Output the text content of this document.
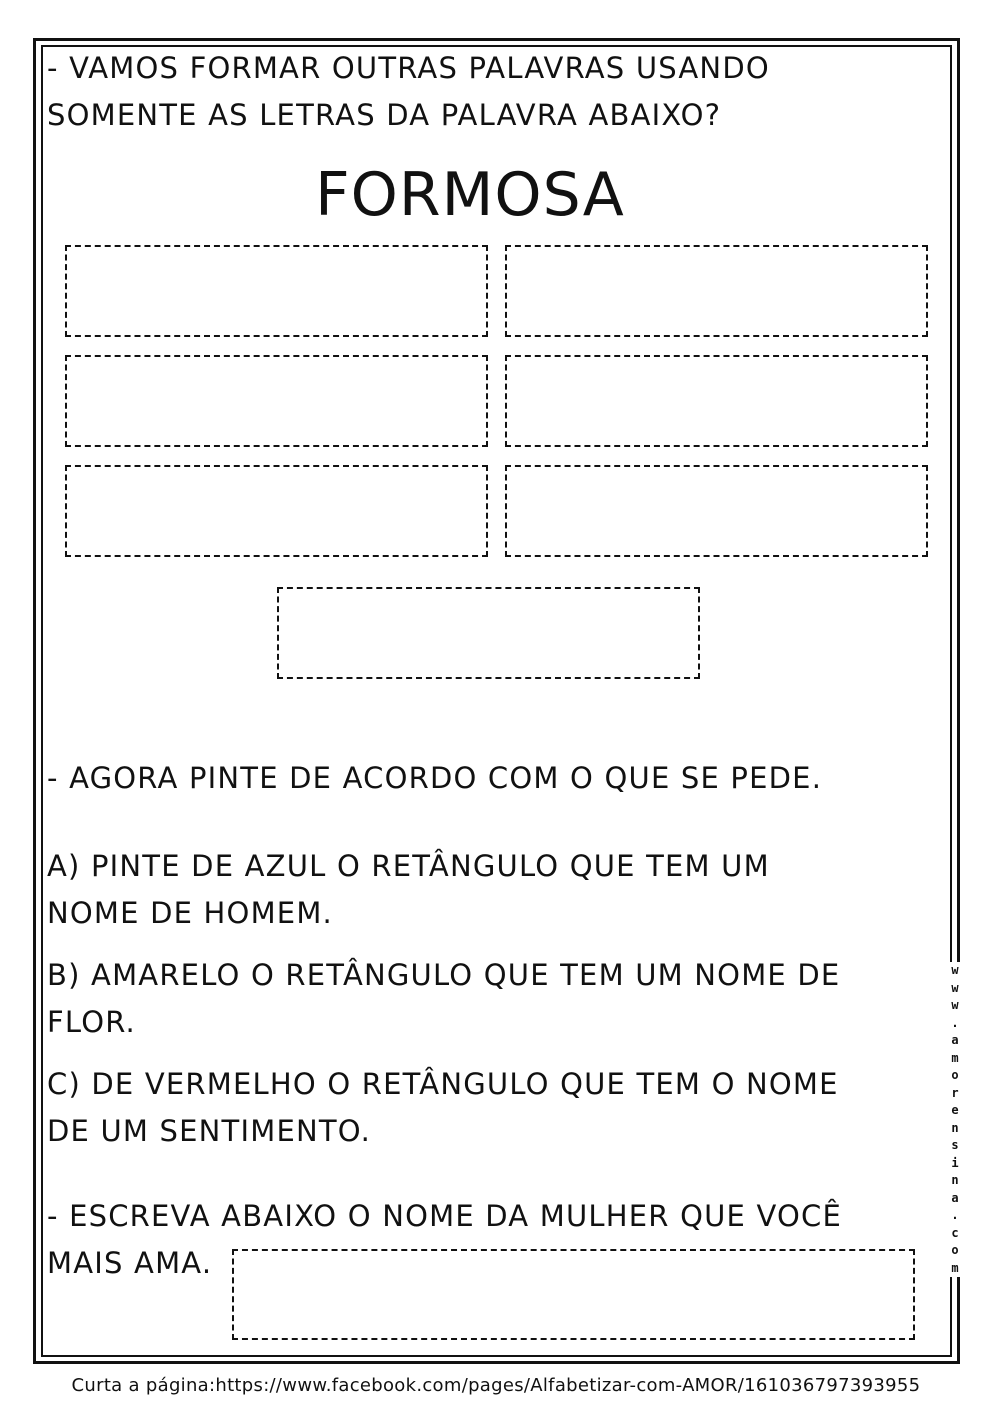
- VAMOS FORMAR OUTRAS PALAVRAS USANDO
SOMENTE AS LETRAS DA PALAVRA ABAIXO?
FORMOSA
- AGORA PINTE DE ACORDO COM O QUE SE PEDE.
A) PINTE DE AZUL O RETÂNGULO QUE TEM UM
NOME DE HOMEM.
B) AMARELO O RETÂNGULO QUE TEM UM NOME DE
FLOR.
C) DE VERMELHO O RETÂNGULO QUE TEM O NOME
DE UM SENTIMENTO.
- ESCREVA ABAIXO O NOME DA MULHER QUE VOCÊ
MAIS AMA.
w
w
w
.
a
m
o
r
e
n
s
i
n
a
.
c
o
m
Curta a página:https://www.facebook.com/pages/Alfabetizar-com-AMOR/161036797393955
